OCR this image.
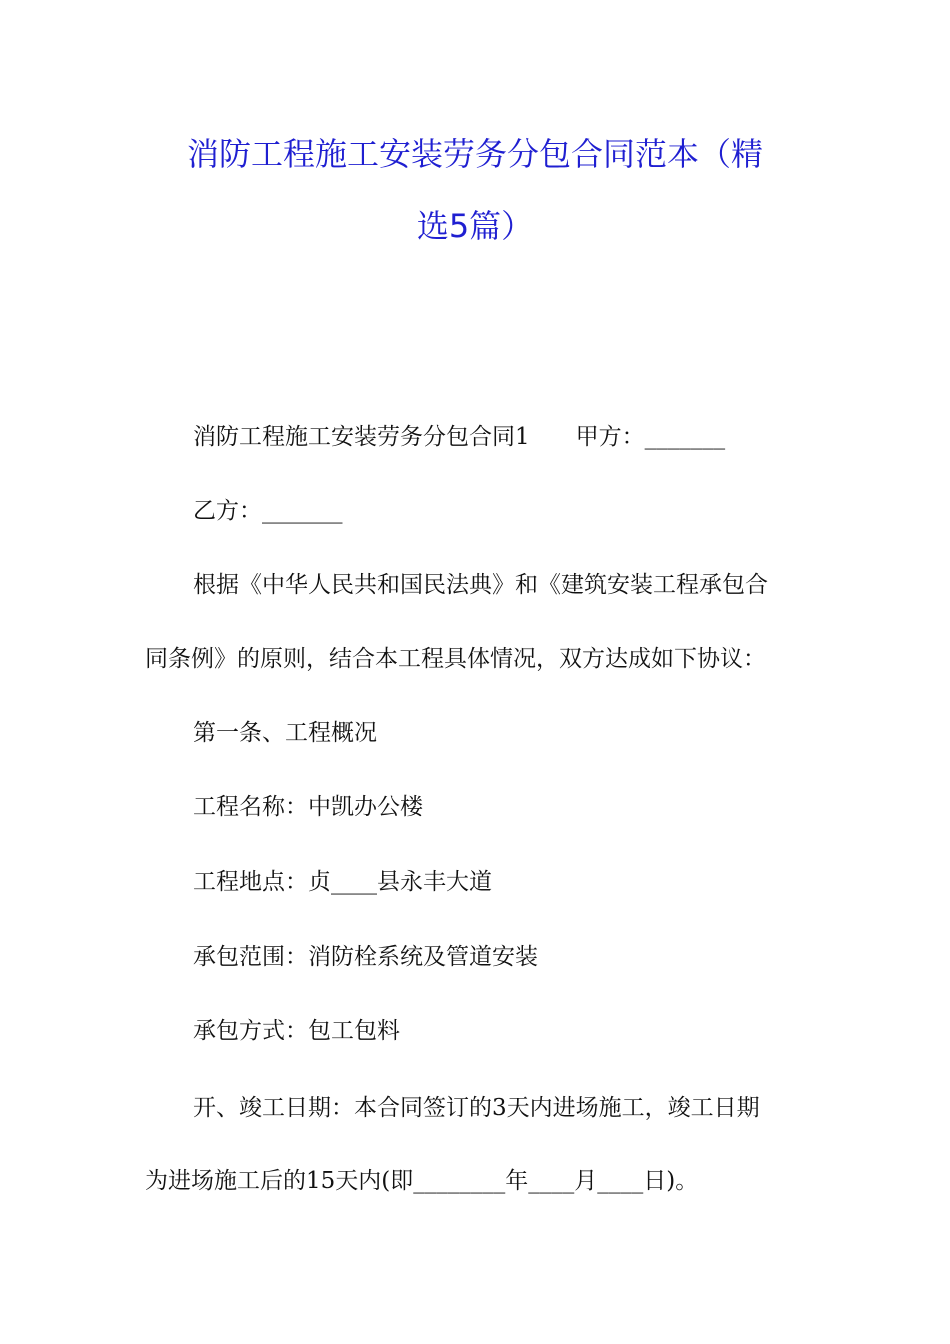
消防工程施工安装劳务分包合同范本（精
选5篇）
消防工程施工安装劳务分包合同1　　甲方：_______
乙方：_______
根据《中华人民共和国民法典》和《建筑安装工程承包合
同条例》的原则，结合本工程具体情况，双方达成如下协议：
第一条、工程概况
工程名称：中凯办公楼
工程地点：贞____县永丰大道
承包范围：消防栓系统及管道安装
承包方式：包工包料
开、竣工日期：本合同签订的3天内进场施工，竣工日期
为进场施工后的15天内(即________年____月____日)。
